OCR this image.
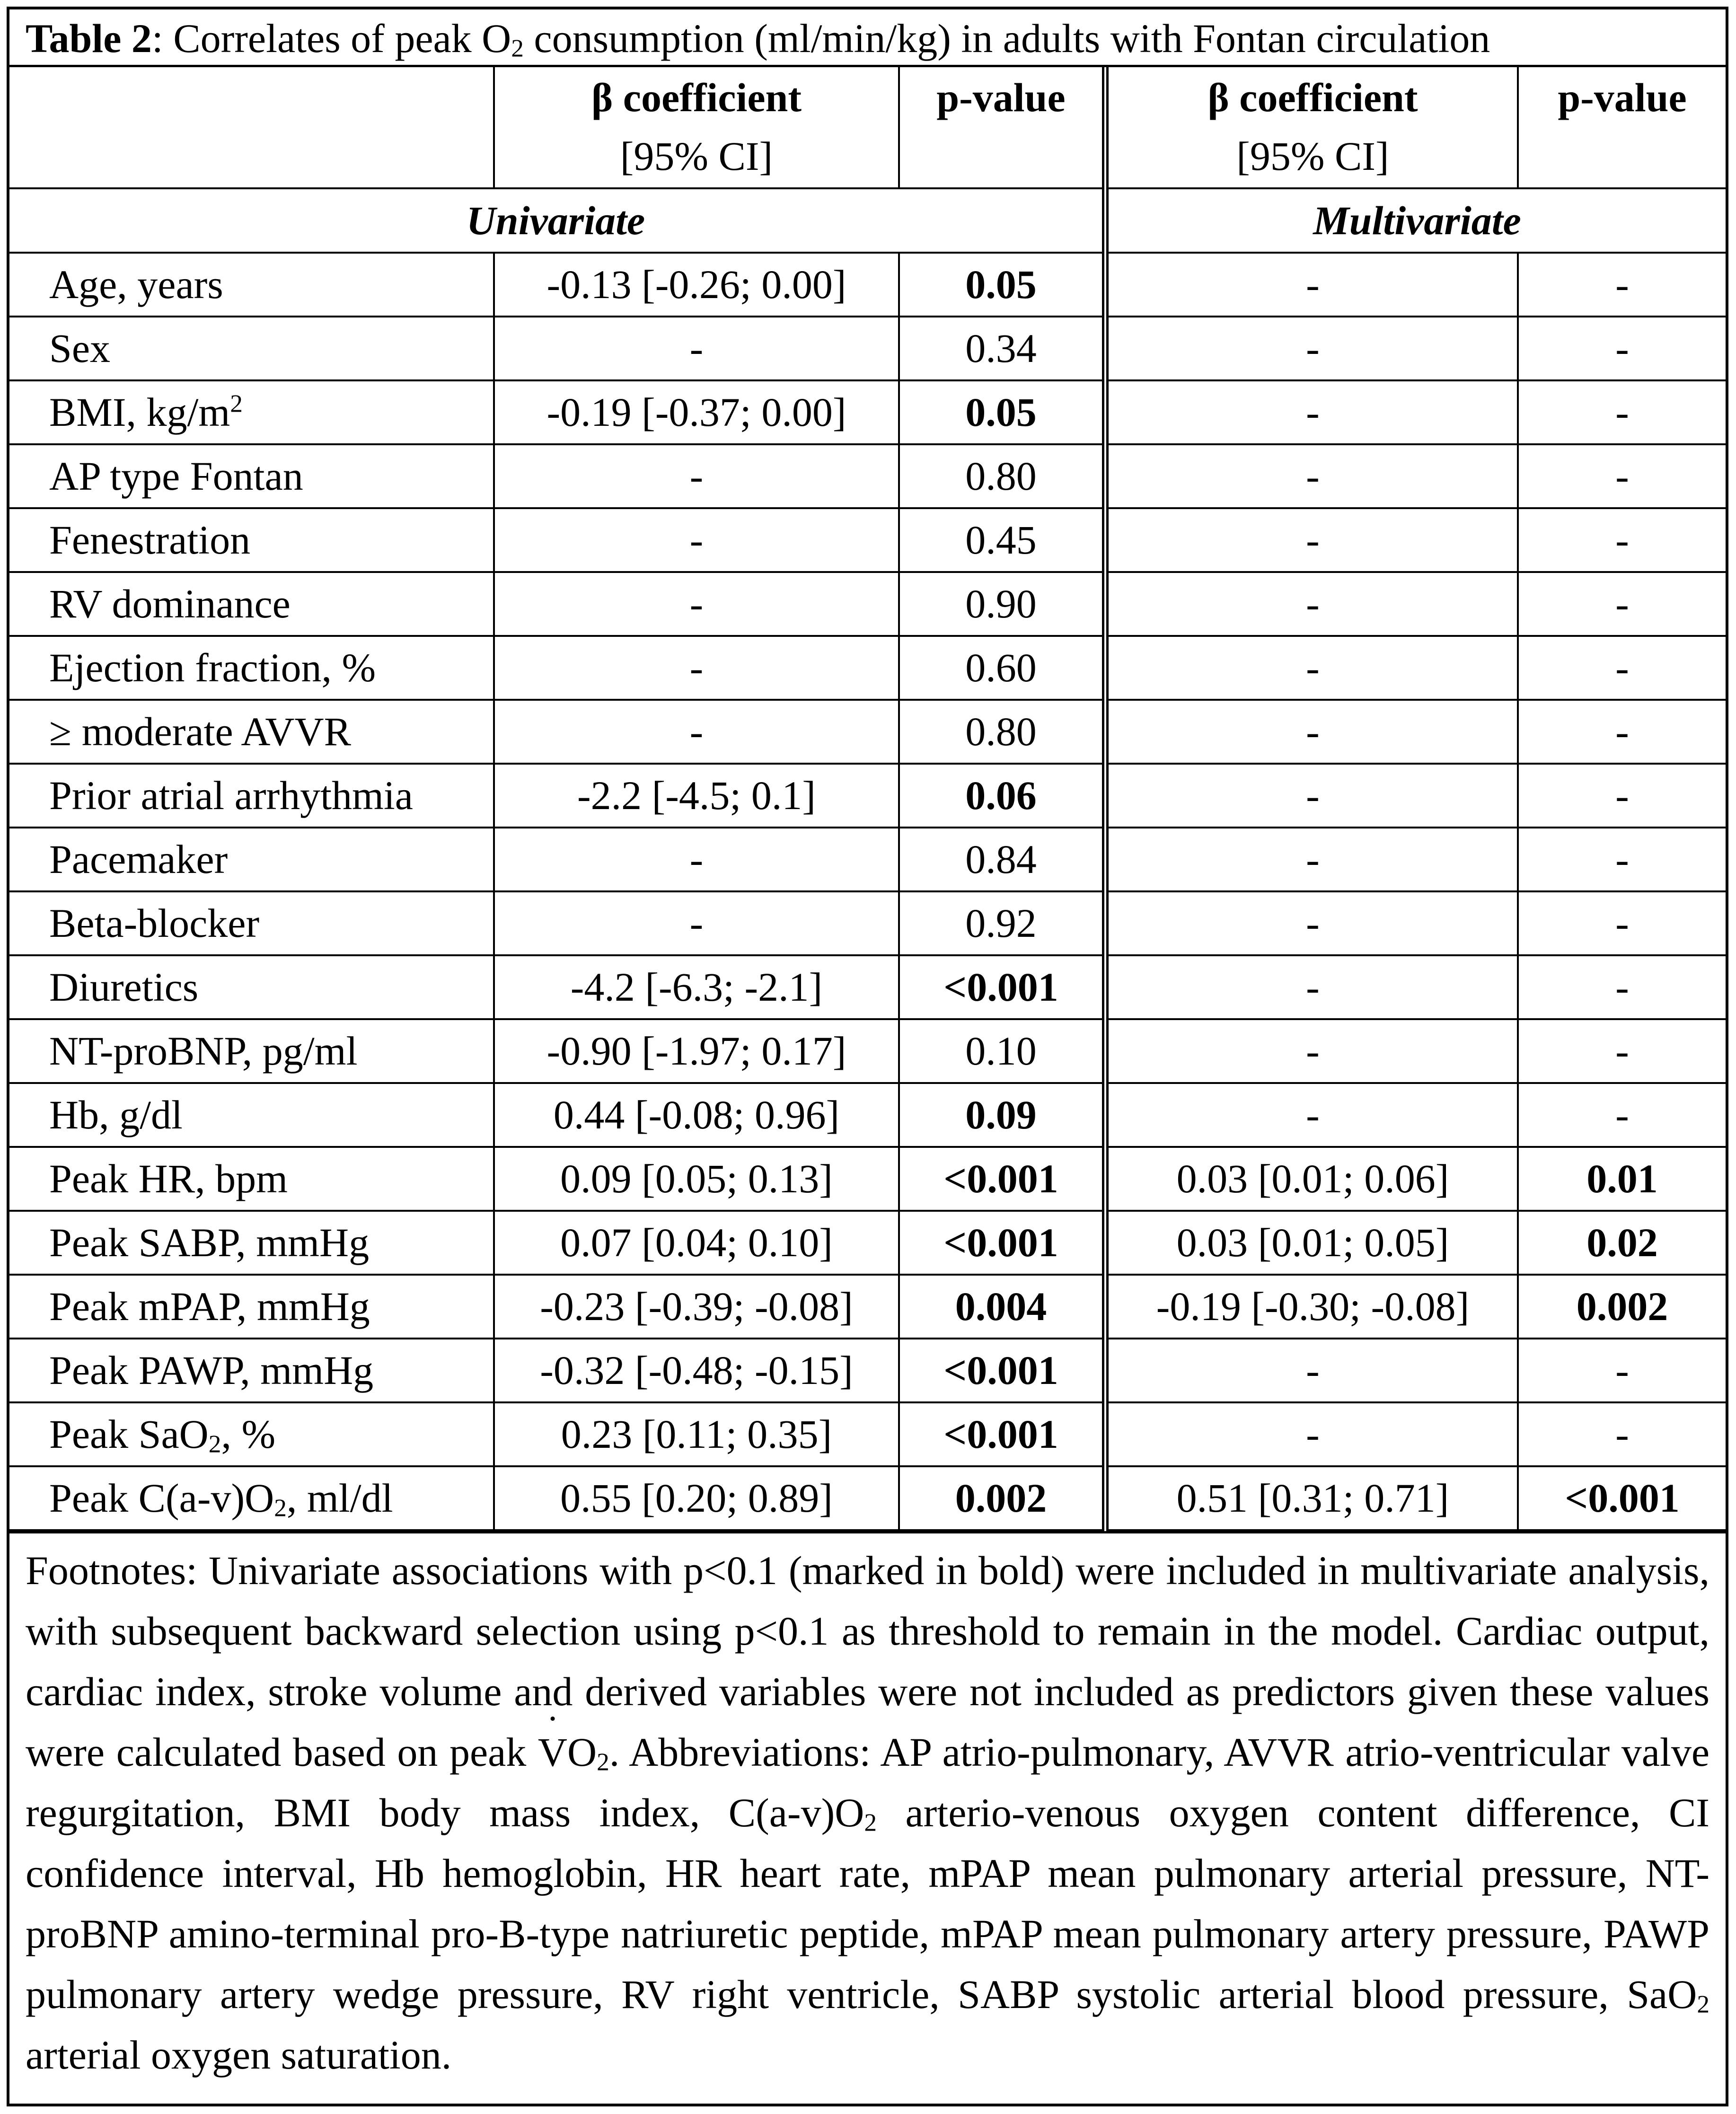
Table 2: Correlates of peak $O_2$ consumption (ml/min/kg) in adults with Fontan circulation
	β coefficient
[95% CI]	p-value	β coefficient
[95% CI]	p-value
Univariate			Multivariate	
Age, years	-0.13 [-0.26; 0.00]	0.05	-	-
Sex	-	0.34	-	-
BMI, $kg/m^2$	-0.19 [-0.37; 0.00]	0.05	-	-
AP type Fontan	-	0.80	-	-
Fenestration	-	0.45	-	-
RV dominance	-	0.90	-	-
Ejection fraction, %	-	0.60	-	-
≥ moderate AVVR	-	0.80	-	-
Prior atrial arrhythmia	-2.2 [-4.5; 0.1]	0.06	-	-
Pacemaker	-	0.84	-	-
Beta-blocker	-	0.92	-	-
Diuretics	-4.2 [-6.3; -2.1]	<0.001	-	-
NT-proBNP, pg/ml	-0.90 [-1.97; 0.17]	0.10	-	-
Hb, g/dl	0.44 [-0.08; 0.96]	0.09	-	-
Peak HR, bpm	0.09 [0.05; 0.13]	<0.001	0.03 [0.01; 0.06]	0.01
Peak SABP, mmHg	0.07 [0.04; 0.10]	<0.001	0.03 [0.01; 0.05]	0.02
Peak mPAP, mmHg	-0.23 [-0.39; -0.08]	0.004	-0.19 [-0.30; -0.08]	0.002
Peak PAWP, mmHg	-0.32 [-0.48; -0.15]	<0.001	-	-
Peak SaO$_2$, %	0.23 [0.11; 0.35]	<0.001	-	-
Peak $C(a-v)O_2$, ml/dl	0.55 [0.20; 0.89]	0.002	0.51 [0.31; 0.71]	<0.001
Footnotes: Univariate associations with p<0.1 (marked in bold) were included in multivariate analysis, with subsequent backward selection using p<0.1 as threshold to remain in the model. Cardiac output, cardiac index, stroke volume and derived variables were not included as predictors given these values were calculated based on peak ˙ $VO_2$. Abbreviations: AP atrio-pulmonary, AVVR atrio-ventricular valve regurgitation, BMI body mass index, $C(a-v)O_2$ arterio-venous oxygen content difference, CI confidence interval, Hb hemoglobin, HR heart rate, mPAP mean pulmonary arterial pressure, NT-proBNP amino-terminal pro-B-type natriuretic peptide, mPAP mean pulmonary artery pressure, PAWP pulmonary artery wedge pressure, RV right ventricle, SABP systolic arterial blood pressure, SaO$_2$ arterial oxygen saturation.
